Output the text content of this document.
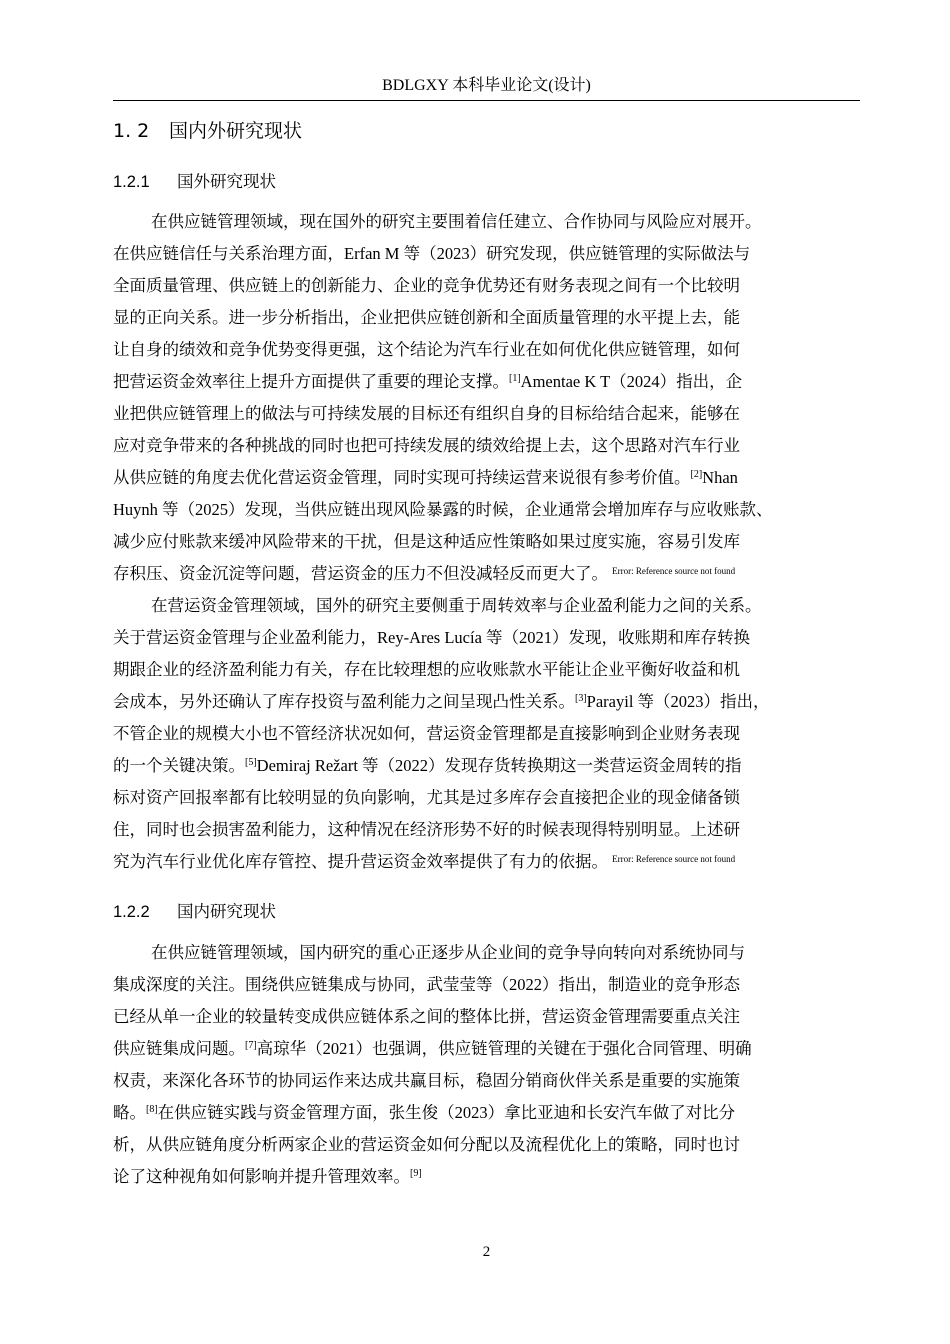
BDLGXY 本科毕业论文(设计)
1. 2 国内外研究现状
1.2.1 国外研究现状
在供应链管理领域，现在国外的研究主要围着信任建立、合作协同与风险应对展开。
在供应链信任与关系治理方面，Erfan M 等（2023）研究发现，供应链管理的实际做法与
全面质量管理、供应链上的创新能力、企业的竞争优势还有财务表现之间有一个比较明
显的正向关系。进一步分析指出，企业把供应链创新和全面质量管理的水平提上去，能
让自身的绩效和竞争优势变得更强，这个结论为汽车行业在如何优化供应链管理，如何
把营运资金效率往上提升方面提供了重要的理论支撑。[1]Amentae K T（2024）指出，企
业把供应链管理上的做法与可持续发展的目标还有组织自身的目标给结合起来，能够在
应对竞争带来的各种挑战的同时也把可持续发展的绩效给提上去，这个思路对汽车行业
从供应链的角度去优化营运资金管理，同时实现可持续运营来说很有参考价值。[2]Nhan
Huynh 等（2025）发现，当供应链出现风险暴露的时候，企业通常会增加库存与应收账款、
减少应付账款来缓冲风险带来的干扰，但是这种适应性策略如果过度实施，容易引发库
存积压、资金沉淀等问题，营运资金的压力不但没减轻反而更大了。 $^{Error: Reference source not found}$
在营运资金管理领域，国外的研究主要侧重于周转效率与企业盈利能力之间的关系。
关于营运资金管理与企业盈利能力，Rey-Ares Lucía 等（2021）发现，收账期和库存转换
期跟企业的经济盈利能力有关，存在比较理想的应收账款水平能让企业平衡好收益和机
会成本，另外还确认了库存投资与盈利能力之间呈现凸性关系。[3]Parayil 等（2023）指出，
不管企业的规模大小也不管经济状况如何，营运资金管理都是直接影响到企业财务表现
的一个关键决策。[5]Demiraj Režart 等（2022）发现存货转换期这一类营运资金周转的指
标对资产回报率都有比较明显的负向影响，尤其是过多库存会直接把企业的现金储备锁
住，同时也会损害盈利能力，这种情况在经济形势不好的时候表现得特别明显。上述研
究为汽车行业优化库存管控、提升营运资金效率提供了有力的依据。 $^{Error: Reference source not found}$
1.2.2 国内研究现状
在供应链管理领域，国内研究的重心正逐步从企业间的竞争导向转向对系统协同与
集成深度的关注。围绕供应链集成与协同，武莹莹等（2022）指出，制造业的竞争形态
已经从单一企业的较量转变成供应链体系之间的整体比拼，营运资金管理需要重点关注
供应链集成问题。[7]高琼华（2021）也强调，供应链管理的关键在于强化合同管理、明确
权责，来深化各环节的协同运作来达成共赢目标，稳固分销商伙伴关系是重要的实施策
略。[8]在供应链实践与资金管理方面，张生俊（2023）拿比亚迪和长安汽车做了对比分
析，从供应链角度分析两家企业的营运资金如何分配以及流程优化上的策略，同时也讨
论了这种视角如何影响并提升管理效率。[9]
2
